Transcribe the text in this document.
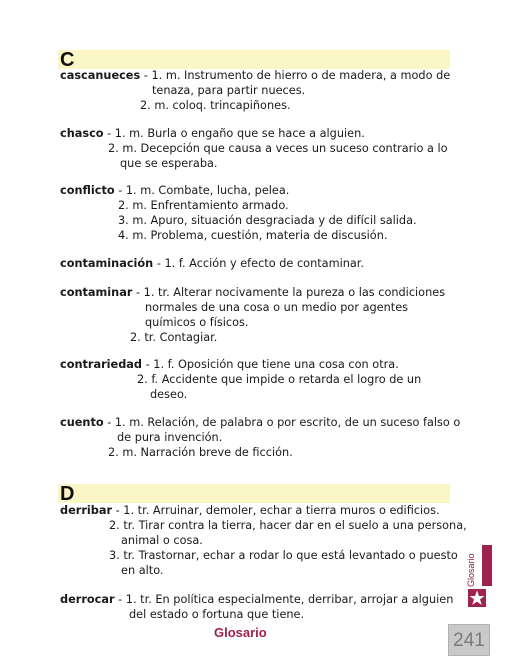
C
cascanueces - 1. m. Instrumento de hierro o de madera, a modo de
tenaza, para partir nueces.
2. m. coloq. trincapiñones.
chasco - 1. m. Burla o engaño que se hace a alguien.
2. m. Decepción que causa a veces un suceso contrario a lo
que se esperaba.
conflicto - 1. m. Combate, lucha, pelea.
2. m. Enfrentamiento armado.
3. m. Apuro, situación desgraciada y de difícil salida.
4. m. Problema, cuestión, materia de discusión.
contaminación - 1. f. Acción y efecto de contaminar.
contaminar - 1. tr. Alterar nocivamente la pureza o las condiciones
normales de una cosa o un medio por agentes
químicos o físicos.
2. tr. Contagiar.
contrariedad - 1. f. Oposición que tiene una cosa con otra.
2. f. Accidente que impide o retarda el logro de un
deseo.
cuento - 1. m. Relación, de palabra o por escrito, de un suceso falso o
de pura invención.
2. m. Narración breve de ficción.
D
derribar - 1. tr. Arruinar, demoler, echar a tierra muros o edificios.
2. tr. Tirar contra la tierra, hacer dar en el suelo a una persona,
animal o cosa.
3. tr. Trastornar, echar a rodar lo que está levantado o puesto
en alto.
derrocar - 1. tr. En política especialmente, derribar, arrojar a alguien
del estado o fortuna que tiene.
Glosario
Glosario	241
